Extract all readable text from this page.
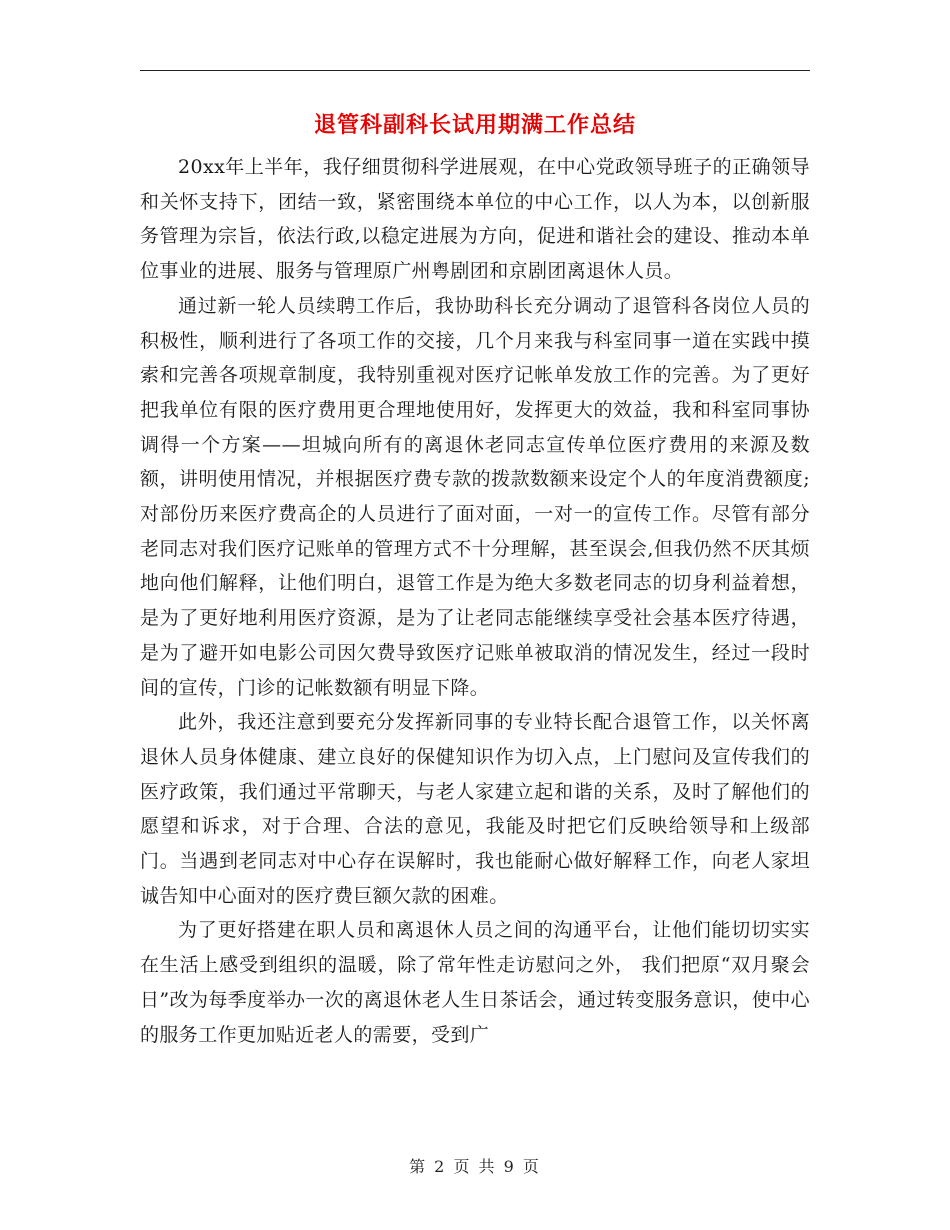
退管科副科长试用期满工作总结

20xx年上半年，我仔细贯彻科学进展观，在中心党政领导班子的正确领导和关怀支持下，团结一致，紧密围绕本单位的中心工作，以人为本，以创新服务管理为宗旨，依法行政,以稳定进展为方向，促进和谐社会的建设、推动本单位事业的进展、服务与管理原广州粤剧团和京剧团离退休人员。

通过新一轮人员续聘工作后，我协助科长充分调动了退管科各岗位人员的积极性，顺利进行了各项工作的交接，几个月来我与科室同事一道在实践中摸索和完善各项规章制度，我特别重视对医疗记帐单发放工作的完善。为了更好把我单位有限的医疗费用更合理地使用好，发挥更大的效益，我和科室同事协调得一个方案——坦城向所有的离退休老同志宣传单位医疗费用的来源及数额，讲明使用情况，并根据医疗费专款的拨款数额来设定个人的年度消费额度;对部份历来医疗费高企的人员进行了面对面，一对一的宣传工作。尽管有部分老同志对我们医疗记账单的管理方式不十分理解，甚至误会,但我仍然不厌其烦地向他们解释，让他们明白，退管工作是为绝大多数老同志的切身利益着想，是为了更好地利用医疗资源，是为了让老同志能继续享受社会基本医疗待遇，是为了避开如电影公司因欠费导致医疗记账单被取消的情况发生，经过一段时间的宣传，门诊的记帐数额有明显下降。

此外，我还注意到要充分发挥新同事的专业特长配合退管工作，以关怀离退休人员身体健康、建立良好的保健知识作为切入点，上门慰问及宣传我们的医疗政策，我们通过平常聊天，与老人家建立起和谐的关系，及时了解他们的愿望和诉求，对于合理、合法的意见，我能及时把它们反映给领导和上级部门。当遇到老同志对中心存在误解时，我也能耐心做好解释工作，向老人家坦诚告知中心面对的医疗费巨额欠款的困难。

为了更好搭建在职人员和离退休人员之间的沟通平台，让他们能切切实实在生活上感受到组织的温暖，除了常年性走访慰问之外， 我们把原“双月聚会日”改为每季度举办一次的离退休老人生日茶话会，通过转变服务意识，使中心的服务工作更加贴近老人的需要，受到广

第 2 页 共 9 页
